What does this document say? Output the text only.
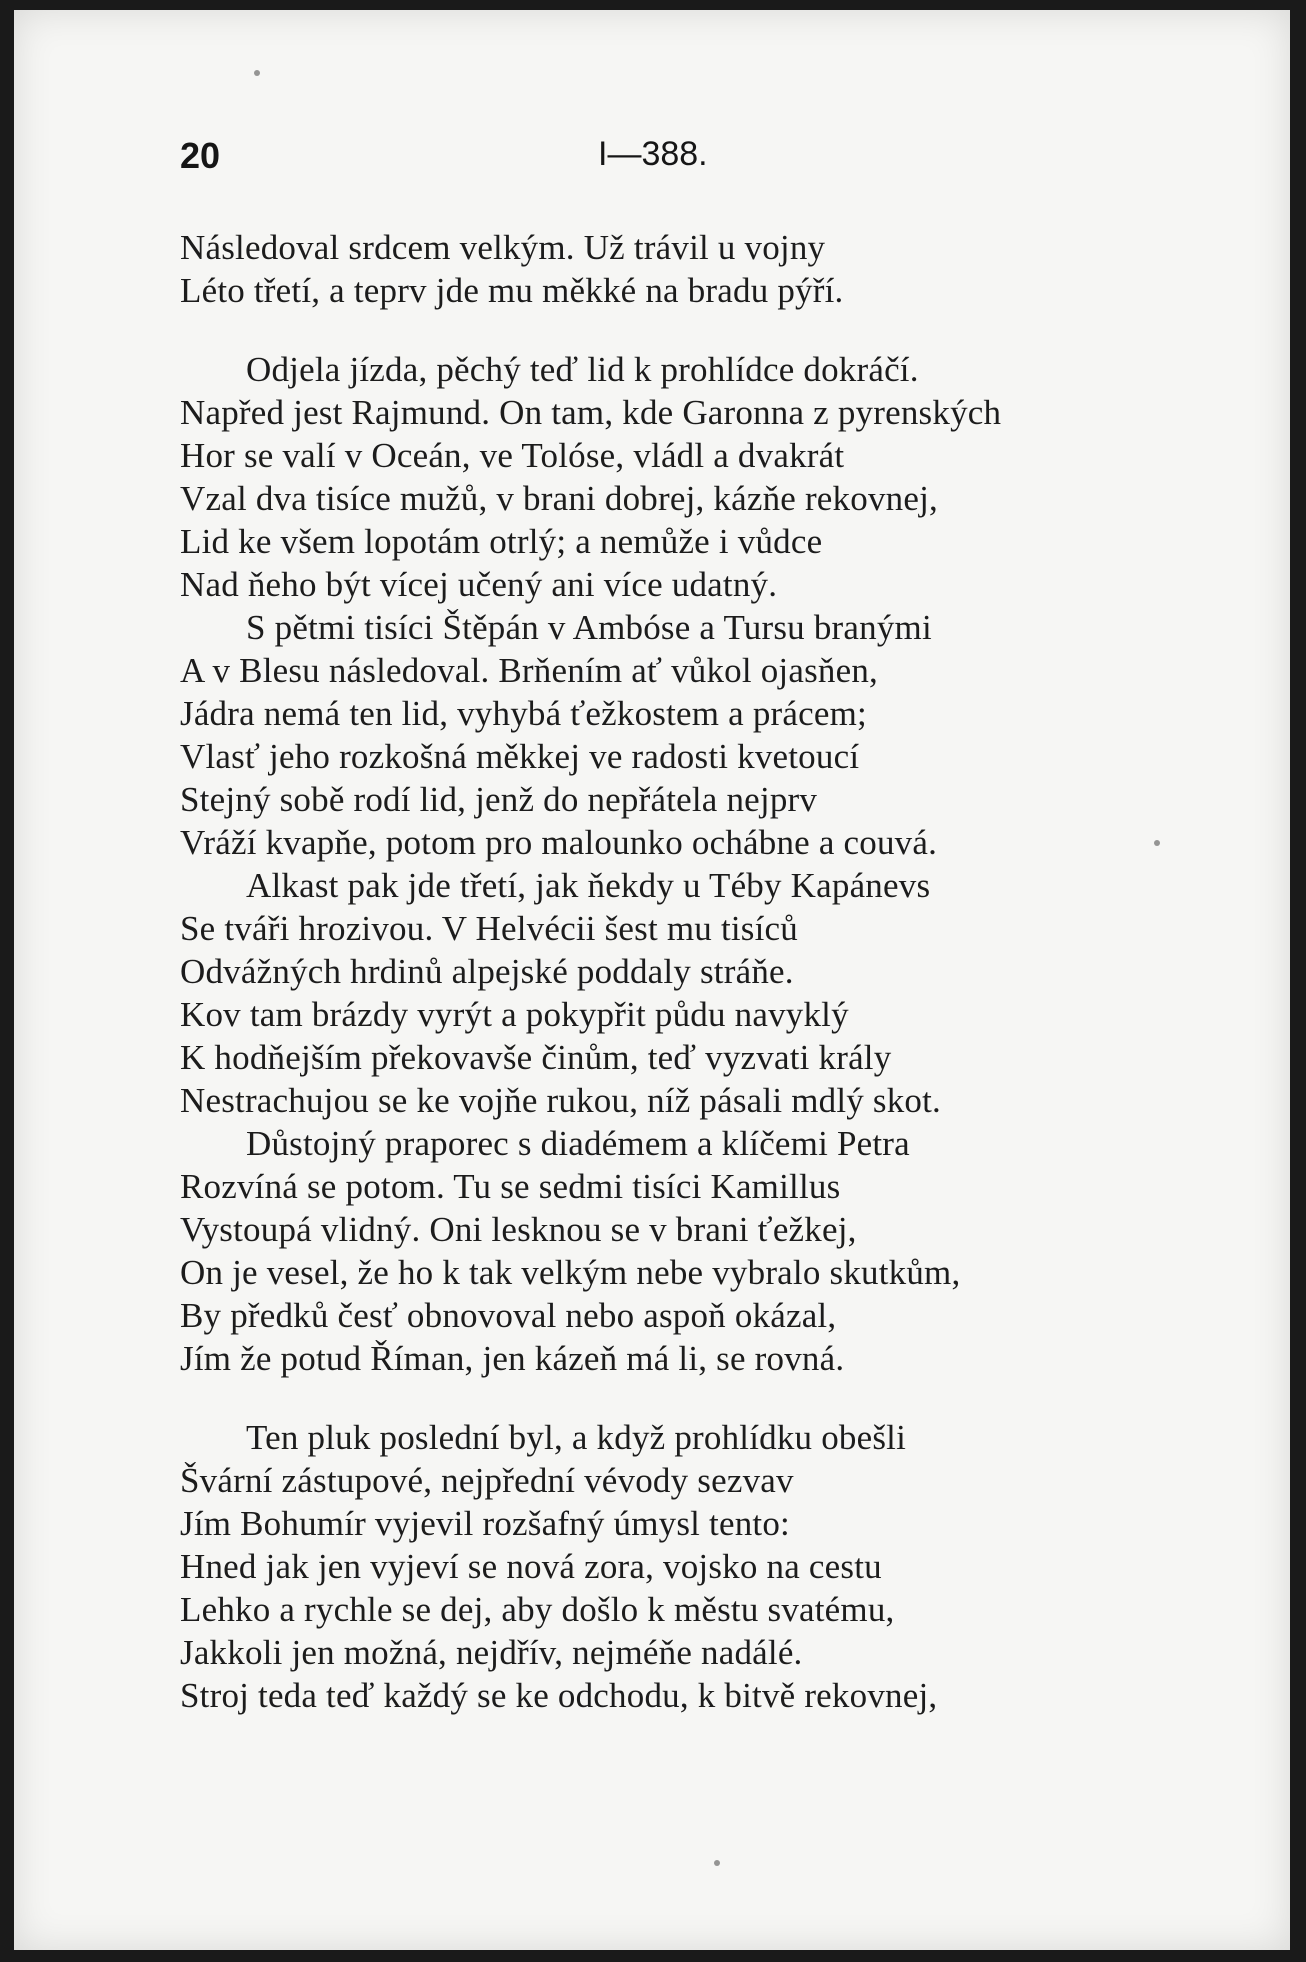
20	I—388.
Následoval srdcem velkým. Už trávil u vojny
Léto třetí, a teprv jde mu měkké na bradu pýří.
Odjela jízda, pěchý teď lid k prohlídce dokráčí.
Napřed jest Rajmund. On tam, kde Garonna z pyrenských
Hor se valí v Oceán, ve Tolóse, vládl a dvakrát
Vzal dva tisíce mužů, v brani dobrej, kázňe rekovnej,
Lid ke všem lopotám otrlý; a nemůže i vůdce
Nad ňeho být vícej učený ani více udatný.
S pětmi tisíci Štěpán v Ambóse a Tursu branými
A v Blesu následoval. Brňením ať vůkol ojasňen,
Jádra nemá ten lid, vyhybá ťežkostem a prácem;
Vlasť jeho rozkošná měkkej ve radosti kvetoucí
Stejný sobě rodí lid, jenž do nepřátela nejprv
Vráží kvapňe, potom pro malounko ochábne a couvá.
Alkast pak jde třetí, jak ňekdy u Téby Kapánevs
Se tváři hrozivou. V Helvécii šest mu tisíců
Odvážných hrdinů alpejské poddaly stráňe.
Kov tam brázdy vyrýt a pokypřit půdu navyklý
K hodňejším překovavše činům, teď vyzvati krály
Nestrachujou se ke vojňe rukou, níž pásali mdlý skot.
Důstojný praporec s diadémem a klíčemi Petra
Rozvíná se potom. Tu se sedmi tisíci Kamillus
Vystoupá vlidný. Oni lesknou se v brani ťežkej,
On je vesel, že ho k tak velkým nebe vybralo skutkům,
By předků česť obnovoval nebo aspoň okázal,
Jím že potud Říman, jen kázeň má li, se rovná.
Ten pluk poslední byl, a když prohlídku obešli
Švární zástupové, nejpřední vévody sezvav
Jím Bohumír vyjevil rozšafný úmysl tento:
Hned jak jen vyjeví se nová zora, vojsko na cestu
Lehko a rychle se dej, aby došlo k městu svatému,
Jakkoli jen možná, nejdřív, nejméňe nadálé.
Stroj teda teď každý se ke odchodu, k bitvě rekovnej,
